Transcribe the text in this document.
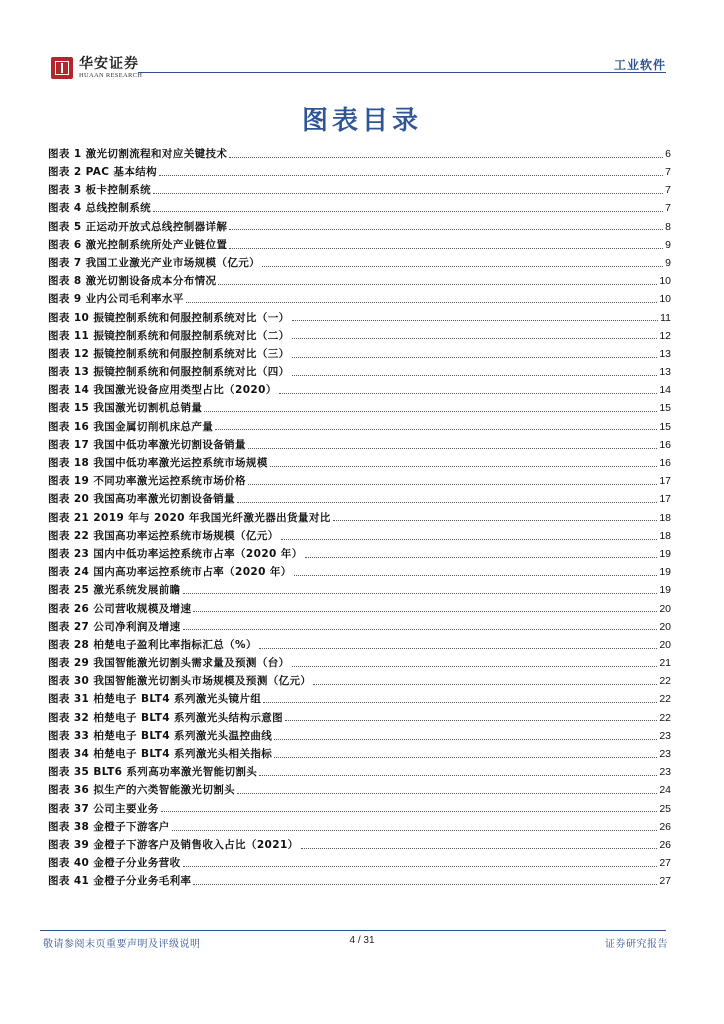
华安证券
HUAAN RESEARCH
工业软件
图表目录
图表 1 激光切割流程和对应关键技术	6
图表 2 PAC 基本结构	7
图表 3 板卡控制系统	7
图表 4 总线控制系统	7
图表 5 正运动开放式总线控制器详解	8
图表 6 激光控制系统所处产业链位置	9
图表 7 我国工业激光产业市场规模（亿元）	9
图表 8 激光切割设备成本分布情况	10
图表 9 业内公司毛利率水平	10
图表 10 振镜控制系统和伺服控制系统对比（一）	11
图表 11 振镜控制系统和伺服控制系统对比（二）	12
图表 12 振镜控制系统和伺服控制系统对比（三）	13
图表 13 振镜控制系统和伺服控制系统对比（四）	13
图表 14 我国激光设备应用类型占比（2020）	14
图表 15 我国激光切割机总销量	15
图表 16 我国金属切削机床总产量	15
图表 17 我国中低功率激光切割设备销量	16
图表 18 我国中低功率激光运控系统市场规模	16
图表 19 不同功率激光运控系统市场价格	17
图表 20 我国高功率激光切割设备销量	17
图表 21 2019 年与 2020 年我国光纤激光器出货量对比	18
图表 22 我国高功率运控系统市场规模（亿元）	18
图表 23 国内中低功率运控系统市占率（2020 年）	19
图表 24 国内高功率运控系统市占率（2020 年）	19
图表 25 激光系统发展前瞻	19
图表 26 公司营收规模及增速	20
图表 27 公司净利润及增速	20
图表 28 柏楚电子盈利比率指标汇总（%）	20
图表 29 我国智能激光切割头需求量及预测（台）	21
图表 30 我国智能激光切割头市场规模及预测（亿元）	22
图表 31 柏楚电子 BLT4 系列激光头镜片组	22
图表 32 柏楚电子 BLT4 系列激光头结构示意图	22
图表 33 柏楚电子 BLT4 系列激光头温控曲线	23
图表 34 柏楚电子 BLT4 系列激光头相关指标	23
图表 35 BLT6 系列高功率激光智能切割头	23
图表 36 拟生产的六类智能激光切割头	24
图表 37 公司主要业务	25
图表 38 金橙子下游客户	26
图表 39 金橙子下游客户及销售收入占比（2021）	26
图表 40 金橙子分业务营收	27
图表 41 金橙子分业务毛利率	27
敬请参阅末页重要声明及评级说明	4 / 31	证券研究报告
